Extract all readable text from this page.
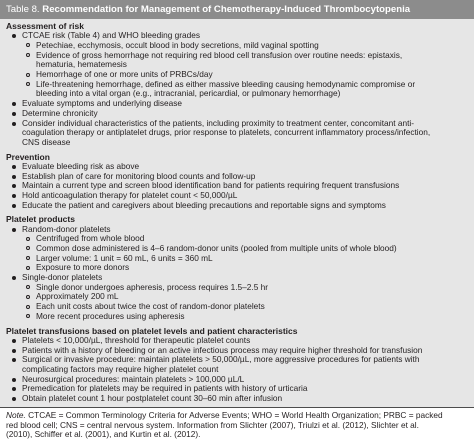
Table 8. Recommendation for Management of Chemotherapy-Induced Thrombocytopenia
Assessment of risk
CTCAE risk (Table 4) and WHO bleeding grades
Petechiae, ecchymosis, occult blood in body secretions, mild vaginal spotting
Evidence of gross hemorrhage not requiring red blood cell transfusion over routine needs: epistaxis,
hematuria, hematemesis
Hemorrhage of one or more units of PRBCs/day
Life-threatening hemorrhage, defined as either massive bleeding causing hemodynamic compromise or
bleeding into a vital organ (e.g., intracranial, pericardial, or pulmonary hemorrhage)
Evaluate symptoms and underlying disease
Determine chronicity
Consider individual characteristics of the patients, including proximity to treatment center, concomitant anti-
coagulation therapy or antiplatelet drugs, prior response to platelets, concurrent inflammatory process/infection,
CNS disease
Prevention
Evaluate bleeding risk as above
Establish plan of care for monitoring blood counts and follow-up
Maintain a current type and screen blood identification band for patients requiring frequent transfusions
Hold anticoagulation therapy for platelet count < 50,000/µL
Educate the patient and caregivers about bleeding precautions and reportable signs and symptoms
Platelet products
Random-donor platelets
Centrifuged from whole blood
Common dose administered is 4–6 random-donor units (pooled from multiple units of whole blood)
Larger volume: 1 unit = 60 mL, 6 units = 360 mL
Exposure to more donors
Single-donor platelets
Single donor undergoes apheresis, process requires 1.5–2.5 hr
Approximately 200 mL
Each unit costs about twice the cost of random-donor platelets
More recent procedures using apheresis
Platelet transfusions based on platelet levels and patient characteristics
Platelets < 10,000/µL, threshold for therapeutic platelet counts
Patients with a history of bleeding or an active infectious process may require higher threshold for transfusion
Surgical or invasive procedure: maintain platelets > 50,000/µL, more aggressive procedures for patients with
complicating factors may require higher platelet count
Neurosurgical procedures: maintain platelets > 100,000 µL/L
Premedication for platelets may be required in patients with history of urticaria
Obtain platelet count 1 hour postplatelet count 30–60 min after infusion
Note. CTCAE = Common Terminology Criteria for Adverse Events; WHO = World Health Organization; PRBC = packed
red blood cell; CNS = central nervous system. Information from Slichter (2007), Triulzi et al. (2012), Slichter et al.
(2010), Schiffer et al. (2001), and Kurtin et al. (2012).
